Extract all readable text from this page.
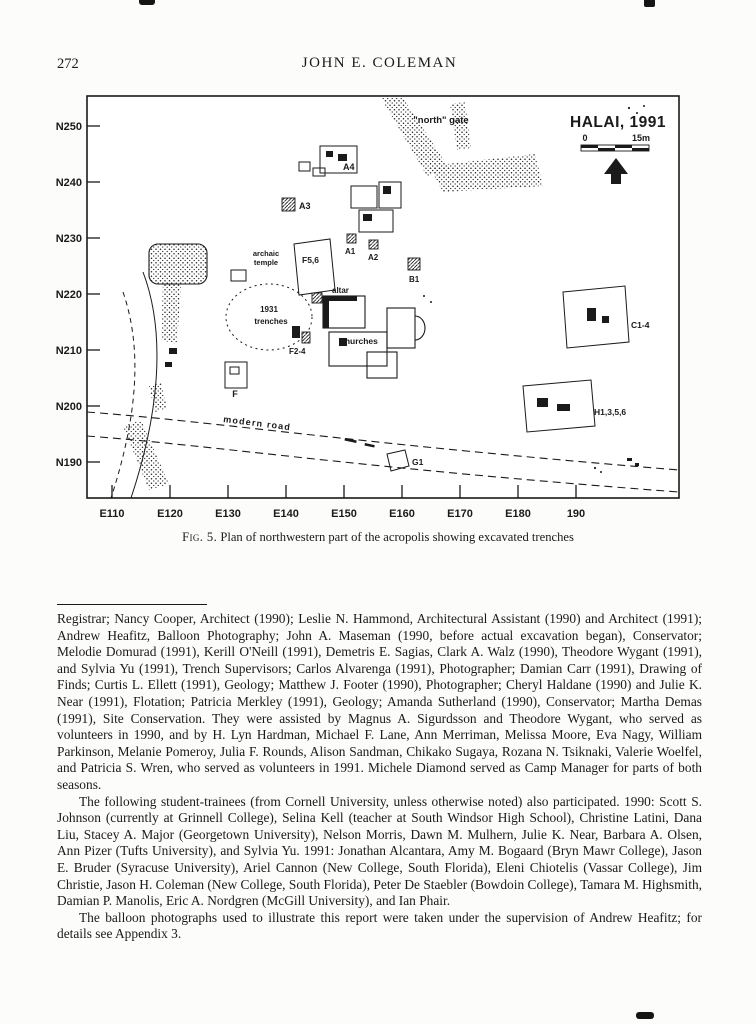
272	JOHN E. COLEMAN
N250
N240
N230
N220
N210
N200
N190
E110	E120	E130	E140	E150	E160	E170	E180	190
HALAI, 1991
0	15m
"north" gate
A4
A3
A1
A2
B1
F5,6
archaic
temple
altar
1931
trenches
F2-4
churches
F
modern road
G1
C1-4
H1,3,5,6
Fig. 5. Plan of northwestern part of the acropolis showing excavated trenches

Registrar; Nancy Cooper, Architect (1990); Leslie N. Hammond, Architectural Assistant (1990) and Architect (1991); Andrew Heafitz, Balloon Photography; John A. Maseman (1990, before actual excavation began), Conservator; Melodie Domurad (1991), Kerill O'Neill (1991), Demetris E. Sagias, Clark A. Walz (1990), Theodore Wygant (1991), and Sylvia Yu (1991), Trench Supervisors; Carlos Alvarenga (1991), Photographer; Damian Carr (1991), Drawing of Finds; Curtis L. Ellett (1991), Geology; Matthew J. Footer (1990), Photographer; Cheryl Haldane (1990) and Julie K. Near (1991), Flotation; Patricia Merkley (1991), Geology; Amanda Sutherland (1990), Conservator; Martha Demas (1991), Site Conservation. They were assisted by Magnus A. Sigurdsson and Theodore Wygant, who served as volunteers in 1990, and by H. Lyn Hardman, Michael F. Lane, Ann Merriman, Melissa Moore, Eva Nagy, William Parkinson, Melanie Pomeroy, Julia F. Rounds, Alison Sandman, Chikako Sugaya, Rozana N. Tsiknaki, Valerie Woelfel, and Patricia S. Wren, who served as volunteers in 1991. Michele Diamond served as Camp Manager for parts of both seasons.

The following student-trainees (from Cornell University, unless otherwise noted) also participated. 1990: Scott S. Johnson (currently at Grinnell College), Selina Kell (teacher at South Windsor High School), Christine Latini, Dana Liu, Stacey A. Major (Georgetown University), Nelson Morris, Dawn M. Mulhern, Julie K. Near, Barbara A. Olsen, Ann Pizer (Tufts University), and Sylvia Yu. 1991: Jonathan Alcantara, Amy M. Bogaard (Bryn Mawr College), Jason E. Bruder (Syracuse University), Ariel Cannon (New College, South Florida), Eleni Chiotelis (Vassar College), Jim Christie, Jason H. Coleman (New College, South Florida), Peter De Staebler (Bowdoin College), Tamara M. Highsmith, Damian P. Manolis, Eric A. Nordgren (McGill University), and Ian Phair.

The balloon photographs used to illustrate this report were taken under the supervision of Andrew Heafitz; for details see Appendix 3.
